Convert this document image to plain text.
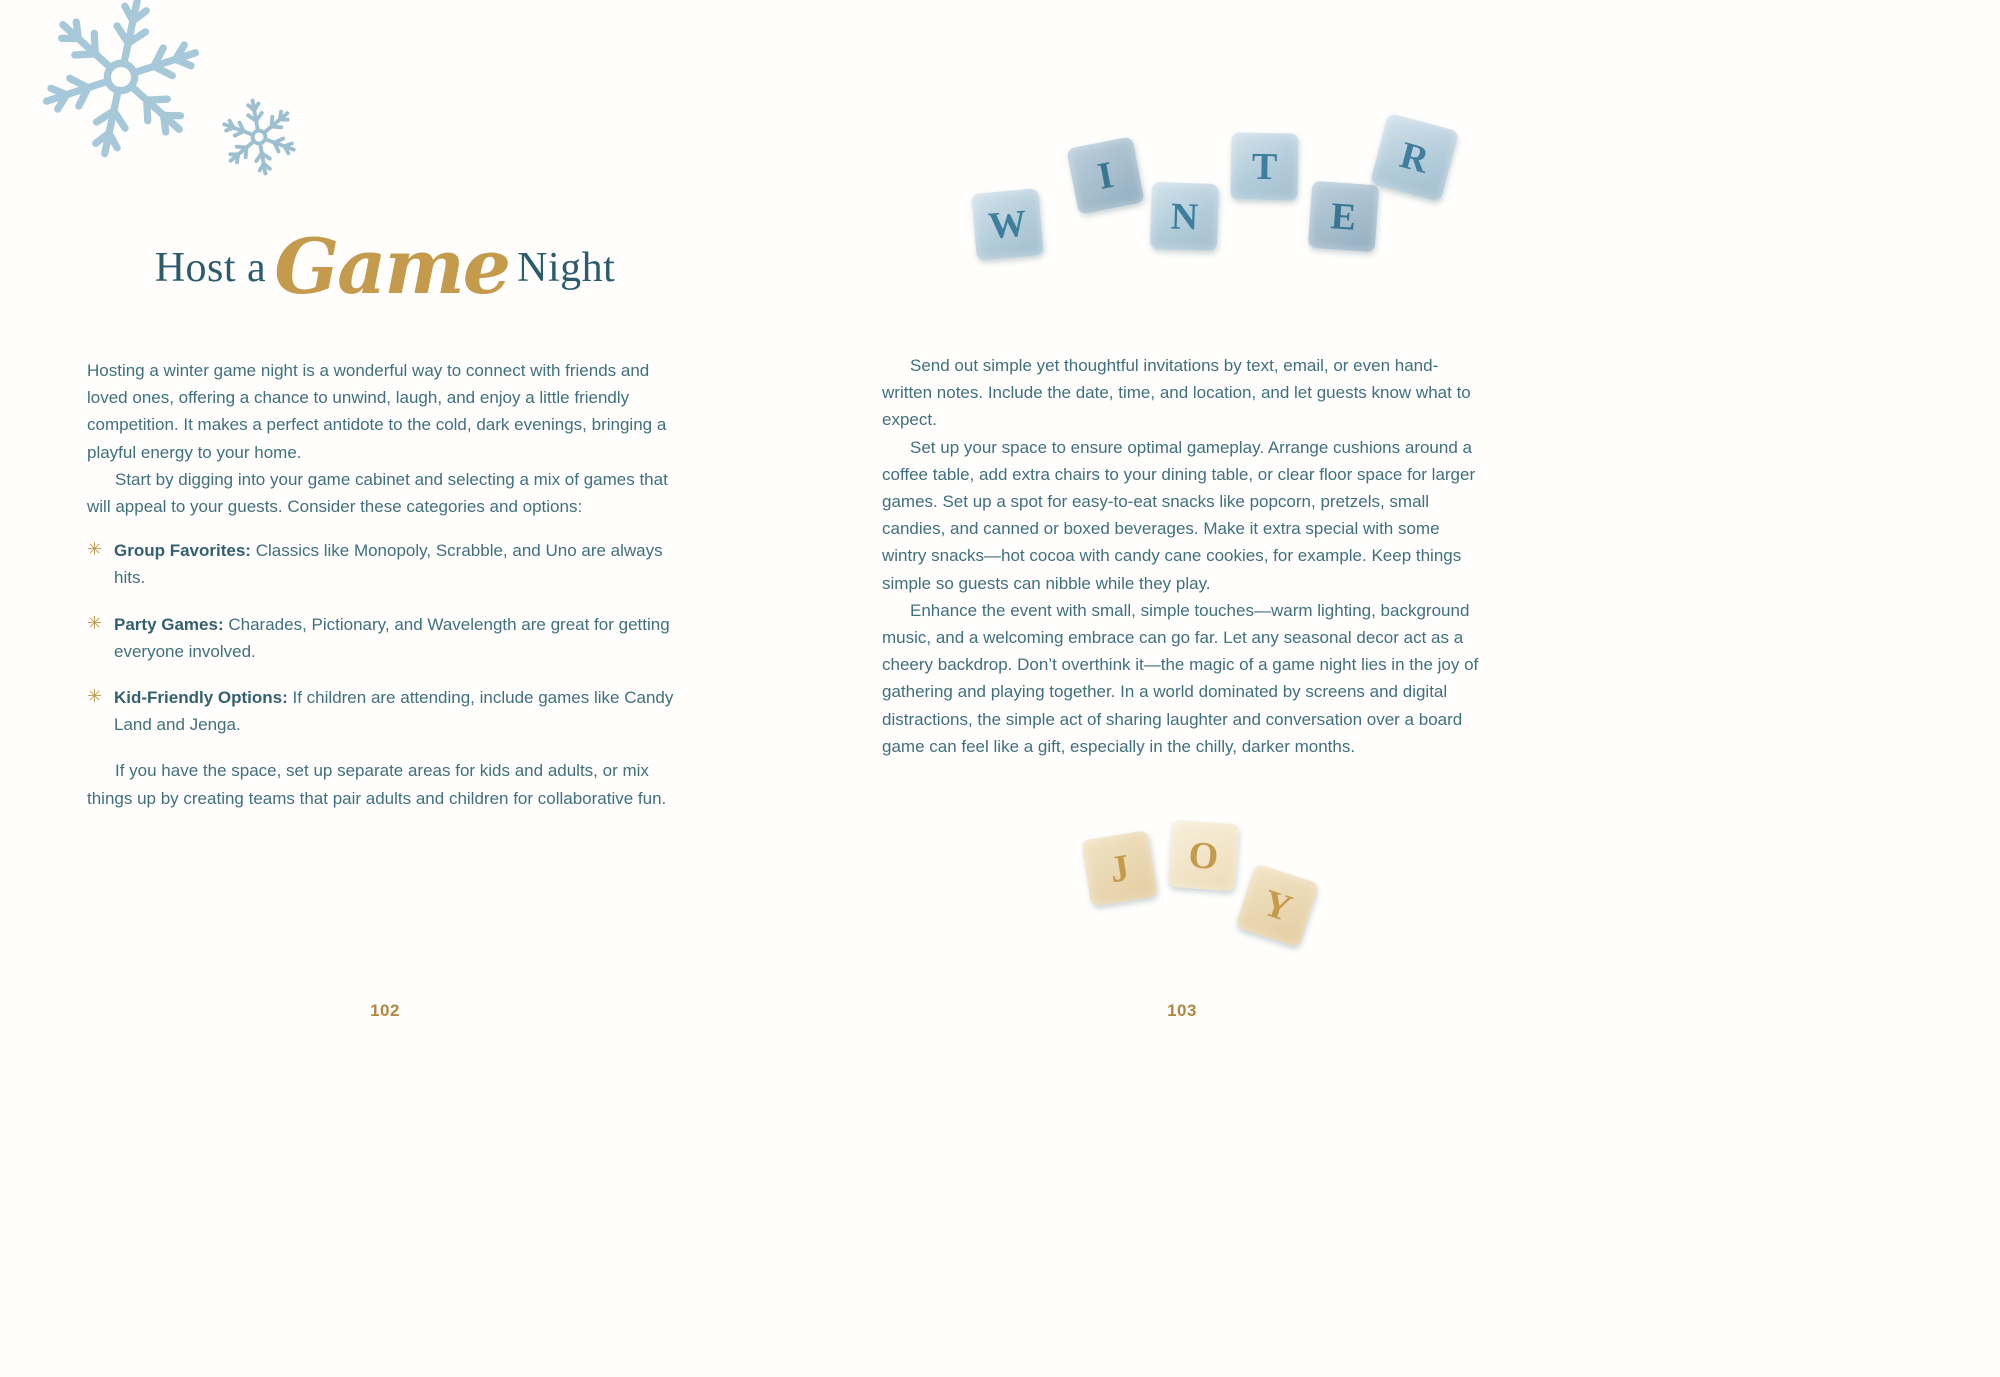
Host a Game Night

Hosting a winter game night is a wonderful way to connect with friends and loved ones, offering a chance to unwind, laugh, and enjoy a little friendly competition. It makes a perfect antidote to the cold, dark evenings, bringing a playful energy to your home.

Start by digging into your game cabinet and selecting a mix of games that will appeal to your guests. Consider these categories and options:

✳ Group Favorites: Classics like Monopoly, Scrabble, and Uno are always hits.
✳ Party Games: Charades, Pictionary, and Wavelength are great for getting everyone involved.
✳ Kid-Friendly Options: If children are attending, include games like Candy Land and Jenga.

If you have the space, set up separate areas for kids and adults, or mix things up by creating teams that pair adults and children for collaborative fun.

102
W
I
N
T
E
R

Send out simple yet thoughtful invitations by text, email, or even hand-written notes. Include the date, time, and location, and let guests know what to expect.

Set up your space to ensure optimal gameplay. Arrange cushions around a coffee table, add extra chairs to your dining table, or clear floor space for larger games. Set up a spot for easy-to-eat snacks like popcorn, pretzels, small candies, and canned or boxed beverages. Make it extra special with some wintry snacks—hot cocoa with candy cane cookies, for example. Keep things simple so guests can nibble while they play.

Enhance the event with small, simple touches—warm lighting, background music, and a welcoming embrace can go far. Let any seasonal decor act as a cheery backdrop. Don’t overthink it—the magic of a game night lies in the joy of gathering and playing together. In a world dominated by screens and digital distractions, the simple act of sharing laughter and conversation over a board game can feel like a gift, especially in the chilly, darker months.

J O
Y
103
